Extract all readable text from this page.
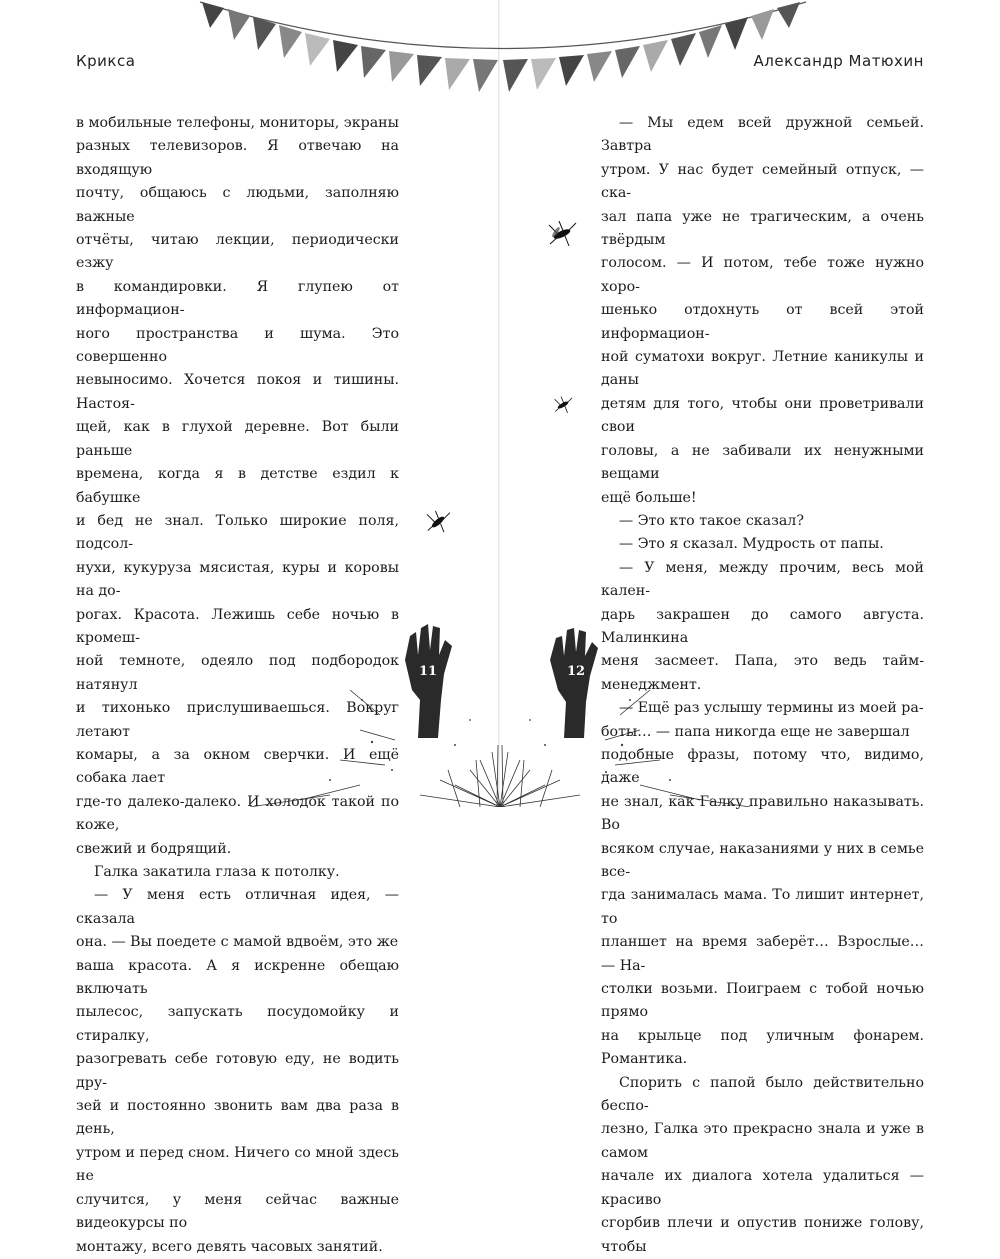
Крикса	Александр Матюхин

в мобильные телефоны, мониторы, экраны

разных телевизоров. Я отвечаю на входящую

почту, общаюсь с людьми, заполняю важные

отчёты, читаю лекции, периодически езжу

в командировки. Я глупею от информацион-

ного пространства и шума. Это совершенно

невыносимо. Хочется покоя и тишины. Настоя-

щей, как в глухой деревне. Вот были раньше

времена, когда я в детстве ездил к бабушке

и бед не знал. Только широкие поля, подсол-

нухи, кукуруза мясистая, куры и коровы на до-

рогах. Красота. Лежишь себе ночью в кромеш-

ной темноте, одеяло под подбородок натянул

и тихонько прислушиваешься. Вокруг летают

комары, а за окном сверчки. И ещё собака лает

где-то далеко-далеко. И холодок такой по коже,

свежий и бодрящий.

Галка закатила глаза к потолку.

— У меня есть отличная идея, — сказала

она. — Вы поедете с мамой вдвоём, это же

ваша красота. А я искренне обещаю включать

пылесос, запускать посудомойку и стиралку,

разогревать себе готовую еду, не водить дру-

зей и постоянно звонить вам два раза в день,

утром и перед сном. Ничего со мной здесь не

случится, у меня сейчас важные видеокурсы по

монтажу, всего девять часовых занятий.

— Мы едем всей дружной семьей. Завтра

утром. У нас будет семейный отпуск, — ска-

зал папа уже не трагическим, а очень твёрдым

голосом. — И потом, тебе тоже нужно хоро-

шенько отдохнуть от всей этой информацион-

ной суматохи вокруг. Летние каникулы и даны

детям для того, чтобы они проветривали свои

головы, а не забивали их ненужными вещами

ещё больше!

— Это кто такое сказал?

— Это я сказал. Мудрость от папы.

— У меня, между прочим, весь мой кален-

дарь закрашен до самого августа. Малинкина

меня засмеет. Папа, это ведь тайм-менеджмент.

— Ещё раз услышу термины из моей ра-

боты… — папа никогда еще не завершал

подобные фразы, потому что, видимо, даже

не знал, как Галку правильно наказывать. Во

всяком случае, наказаниями у них в семье все-

гда занималась мама. То лишит интернет, то

планшет на время заберёт… Взрослые… — На-

столки возьми. Поиграем с тобой ночью прямо

на крыльце под уличным фонарем. Романтика.

Спорить с папой было действительно беспо-

лезно, Галка это прекрасно знала и уже в самом

начале их диалога хотела удалиться — красиво

сгорбив плечи и опустив пониже голову, чтобы

11	12
